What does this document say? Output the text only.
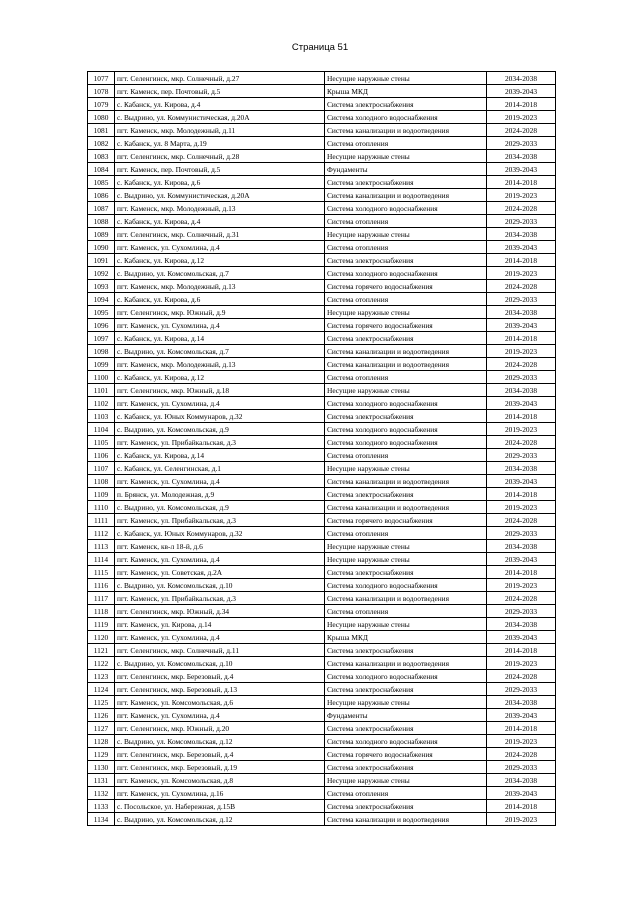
Страница 51
1077	пгт. Селенгинск, мкр. Солнечный, д.27	Несущие наружные стены	2034-2038
1078	пгт. Каменск, пер. Почтовый, д.5	Крыша МКД	2039-2043
1079	с. Кабанск, ул. Кирова, д.4	Система электроснабжения	2014-2018
1080	с. Выдрино, ул. Коммунистическая, д.20А	Система холодного водоснабжения	2019-2023
1081	пгт. Каменск, мкр. Молодежный, д.11	Система канализации и водоотведения	2024-2028
1082	с. Кабанск, ул. 8 Марта, д.19	Система отопления	2029-2033
1083	пгт. Селенгинск, мкр. Солнечный, д.28	Несущие наружные стены	2034-2038
1084	пгт. Каменск, пер. Почтовый, д.5	Фундаменты	2039-2043
1085	с. Кабанск, ул. Кирова, д.6	Система электроснабжения	2014-2018
1086	с. Выдрино, ул. Коммунистическая, д.20А	Система канализации и водоотведения	2019-2023
1087	пгт. Каменск, мкр. Молодежный, д.13	Система холодного водоснабжения	2024-2028
1088	с. Кабанск, ул. Кирова, д.4	Система отопления	2029-2033
1089	пгт. Селенгинск, мкр. Солнечный, д.31	Несущие наружные стены	2034-2038
1090	пгт. Каменск, ул. Сухомлина, д.4	Система отопления	2039-2043
1091	с. Кабанск, ул. Кирова, д.12	Система электроснабжения	2014-2018
1092	с. Выдрино, ул. Комсомольская, д.7	Система холодного водоснабжения	2019-2023
1093	пгт. Каменск, мкр. Молодежный, д.13	Система горячего водоснабжения	2024-2028
1094	с. Кабанск, ул. Кирова, д.6	Система отопления	2029-2033
1095	пгт. Селенгинск, мкр. Южный, д.9	Несущие наружные стены	2034-2038
1096	пгт. Каменск, ул. Сухомлина, д.4	Система горячего водоснабжения	2039-2043
1097	с. Кабанск, ул. Кирова, д.14	Система электроснабжения	2014-2018
1098	с. Выдрино, ул. Комсомольская, д.7	Система канализации и водоотведения	2019-2023
1099	пгт. Каменск, мкр. Молодежный, д.13	Система канализации и водоотведения	2024-2028
1100	с. Кабанск, ул. Кирова, д.12	Система отопления	2029-2033
1101	пгт. Селенгинск, мкр. Южный, д.18	Несущие наружные стены	2034-2038
1102	пгт. Каменск, ул. Сухомлина, д.4	Система холодного водоснабжения	2039-2043
1103	с. Кабанск, ул. Юных Коммунаров, д.32	Система электроснабжения	2014-2018
1104	с. Выдрино, ул. Комсомольская, д.9	Система холодного водоснабжения	2019-2023
1105	пгт. Каменск, ул. Прибайкальская, д.3	Система холодного водоснабжения	2024-2028
1106	с. Кабанск, ул. Кирова, д.14	Система отопления	2029-2033
1107	с. Кабанск, ул. Селенгинская, д.1	Несущие наружные стены	2034-2038
1108	пгт. Каменск, ул. Сухомлина, д.4	Система канализации и водоотведения	2039-2043
1109	п. Брянск, ул. Молодежная, д.9	Система электроснабжения	2014-2018
1110	с. Выдрино, ул. Комсомольская, д.9	Система канализации и водоотведения	2019-2023
1111	пгт. Каменск, ул. Прибайкальская, д.3	Система горячего водоснабжения	2024-2028
1112	с. Кабанск, ул. Юных Коммунаров, д.32	Система отопления	2029-2033
1113	пгт. Каменск, кв-л 18-й, д.6	Несущие наружные стены	2034-2038
1114	пгт. Каменск, ул. Сухомлина, д.4	Несущие наружные стены	2039-2043
1115	пгт. Каменск, ул. Советская, д.2А	Система электроснабжения	2014-2018
1116	с. Выдрино, ул. Комсомольская, д.10	Система холодного водоснабжения	2019-2023
1117	пгт. Каменск, ул. Прибайкальская, д.3	Система канализации и водоотведения	2024-2028
1118	пгт. Селенгинск, мкр. Южный, д.34	Система отопления	2029-2033
1119	пгт. Каменск, ул. Кирова, д.14	Несущие наружные стены	2034-2038
1120	пгт. Каменск, ул. Сухомлина, д.4	Крыша МКД	2039-2043
1121	пгт. Селенгинск, мкр. Солнечный, д.11	Система электроснабжения	2014-2018
1122	с. Выдрино, ул. Комсомольская, д.10	Система канализации и водоотведения	2019-2023
1123	пгт. Селенгинск, мкр. Березовый, д.4	Система холодного водоснабжения	2024-2028
1124	пгт. Селенгинск, мкр. Березовый, д.13	Система электроснабжения	2029-2033
1125	пгт. Каменск, ул. Комсомольская, д.6	Несущие наружные стены	2034-2038
1126	пгт. Каменск, ул. Сухомлина, д.4	Фундаменты	2039-2043
1127	пгт. Селенгинск, мкр. Южный, д.20	Система электроснабжения	2014-2018
1128	с. Выдрино, ул. Комсомольская, д.12	Система холодного водоснабжения	2019-2023
1129	пгт. Селенгинск, мкр. Березовый, д.4	Система горячего водоснабжения	2024-2028
1130	пгт. Селенгинск, мкр. Березовый, д.19	Система электроснабжения	2029-2033
1131	пгт. Каменск, ул. Комсомольская, д.8	Несущие наружные стены	2034-2038
1132	пгт. Каменск, ул. Сухомлина, д.16	Система отопления	2039-2043
1133	с. Посольское, ул. Набережная, д.15В	Система электроснабжения	2014-2018
1134	с. Выдрино, ул. Комсомольская, д.12	Система канализации и водоотведения	2019-2023
